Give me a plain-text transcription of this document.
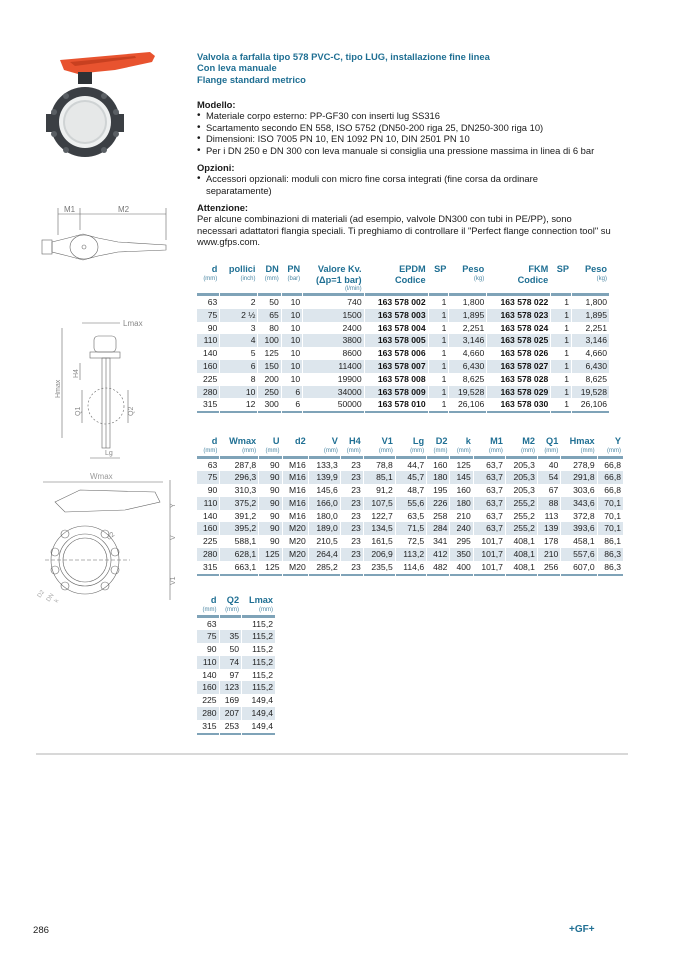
M1	M2
Lmax
H4
Hmax
Q1	Q2
Lg
Wmax
Y
V
V1
d2
D2 DN
k
Valvola a farfalla tipo 578 PVC-C, tipo LUG, installazione fine linea
Con leva manuale
Flange standard metrico
Modello:
• Materiale corpo esterno: PP-GF30 con inserti lug SS316
• Scartamento secondo EN 558, ISO 5752 (DN50-200 riga 25, DN250-300 riga 10)
• Dimensioni: ISO 7005 PN 10, EN 1092 PN 10, DIN 2501 PN 10
• Per i DN 250 e DN 300 con leva manuale si consiglia una pressione massima in linea di 6 bar
Opzioni:
• Accessori opzionali: moduli con micro fine corsa integrati (fine corsa da ordinare separatamente)
Attenzione:

Per alcune combinazioni di materiali (ad esempio, valvole DN300 con tubi in PE/PP), sono necessari adattatori flangia speciali. Ti preghiamo di controllare il "Perfect flange connection tool" su www.gfps.com.

d
(mm)	pollici
(inch)	DN
(mm)	PN
(bar)	Valore Kv.
(Δp=1 bar)
(l/min)	EPDM
Codice	SP	Peso
(kg)	FKM
Codice	SP	Peso
(kg)

63	2	50	10	740	163 578 002	1	1,800	163 578 022	1	1,800
75	2 ½	65	10	1500	163 578 003	1	1,895	163 578 023	1	1,895
90	3	80	10	2400	163 578 004	1	2,251	163 578 024	1	2,251
110	4	100	10	3800	163 578 005	1	3,146	163 578 025	1	3,146
140	5	125	10	8600	163 578 006	1	4,660	163 578 026	1	4,660
160	6	150	10	11400	163 578 007	1	6,430	163 578 027	1	6,430
225	8	200	10	19900	163 578 008	1	8,625	163 578 028	1	8,625
280	10	250	6	34000	163 578 009	1	19,528	163 578 029	1	19,528
315	12	300	6	50000	163 578 010	1	26,106	163 578 030	1	26,106
d
(mm)	Wmax
(mm)	U
(mm)	d2	V
(mm)	H4
(mm)	V1
(mm)	Lg
(mm)	D2
(mm)	k
(mm)	M1
(mm)	M2
(mm)	Q1
(mm)	Hmax
(mm)	Y
(mm)

63	287,8	90	M16	133,3	23	78,8	44,7	160	125	63,7	205,3	40	278,9	66,8
75	296,3	90	M16	139,9	23	85,1	45,7	180	145	63,7	205,3	54	291,8	66,8
90	310,3	90	M16	145,6	23	91,2	48,7	195	160	63,7	205,3	67	303,6	66,8
110	375,2	90	M16	166,0	23	107,5	55,6	226	180	63,7	255,2	88	343,6	70,1
140	391,2	90	M16	180,0	23	122,7	63,5	258	210	63,7	255,2	113	372,8	70,1
160	395,2	90	M20	189,0	23	134,5	71,5	284	240	63,7	255,2	139	393,6	70,1
225	588,1	90	M20	210,5	23	161,5	72,5	341	295	101,7	408,1	178	458,1	86,1
280	628,1	125	M20	264,4	23	206,9	113,2	412	350	101,7	408,1	210	557,6	86,3
315	663,1	125	M20	285,2	23	235,5	114,6	482	400	101,7	408,1	256	607,0	86,3
d
(mm)	Q2
(mm)	Lmax
(mm)

63		115,2
75	35	115,2
90	50	115,2
110	74	115,2
140	97	115,2
160	123	115,2
225	169	149,4
280	207	149,4
315	253	149,4
286	+GF+
